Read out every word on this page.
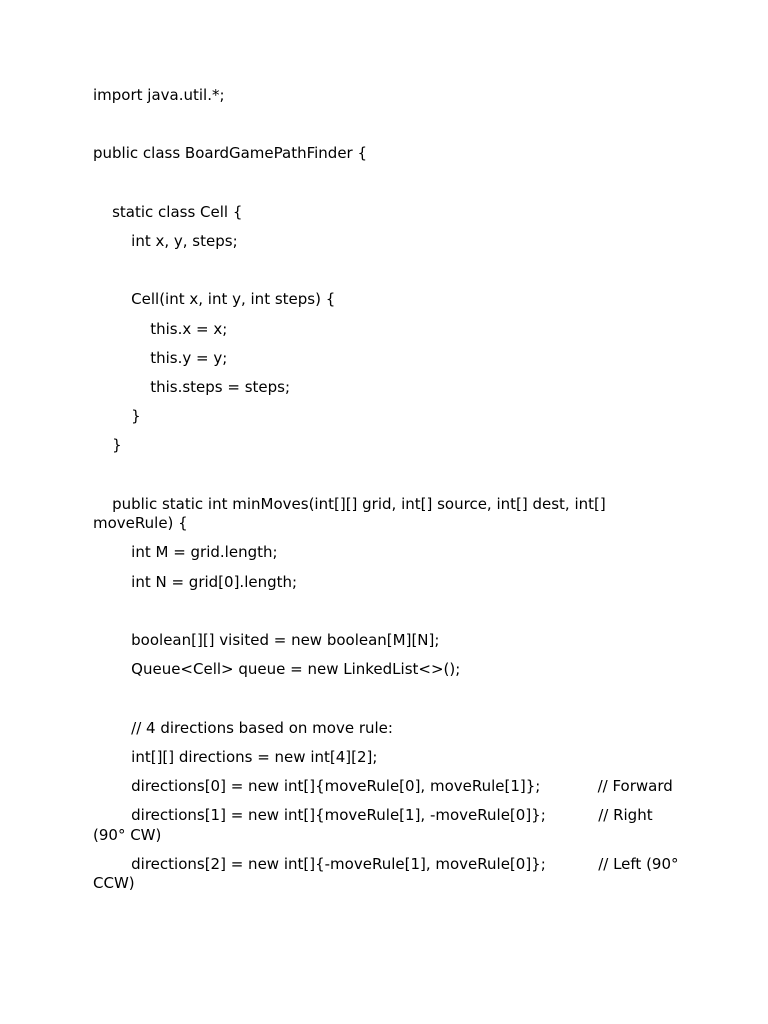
import java.util.*;
public class BoardGamePathFinder {
static class Cell {
int x, y, steps;
Cell(int x, int y, int steps) {
this.x = x;
this.y = y;
this.steps = steps;
}
}
public static int minMoves(int[][] grid, int[] source, int[] dest, int[] moveRule) {
int M = grid.length;
int N = grid[0].length;
boolean[][] visited = new boolean[M][N];
Queue<Cell> queue = new LinkedList<>();
// 4 directions based on move rule:
int[][] directions = new int[4][2];
directions[0] = new int[]{moveRule[0], moveRule[1]};            // Forward
directions[1] = new int[]{moveRule[1], -moveRule[0]};           // Right (90° CW)
directions[2] = new int[]{-moveRule[1], moveRule[0]};           // Left (90° CCW)
